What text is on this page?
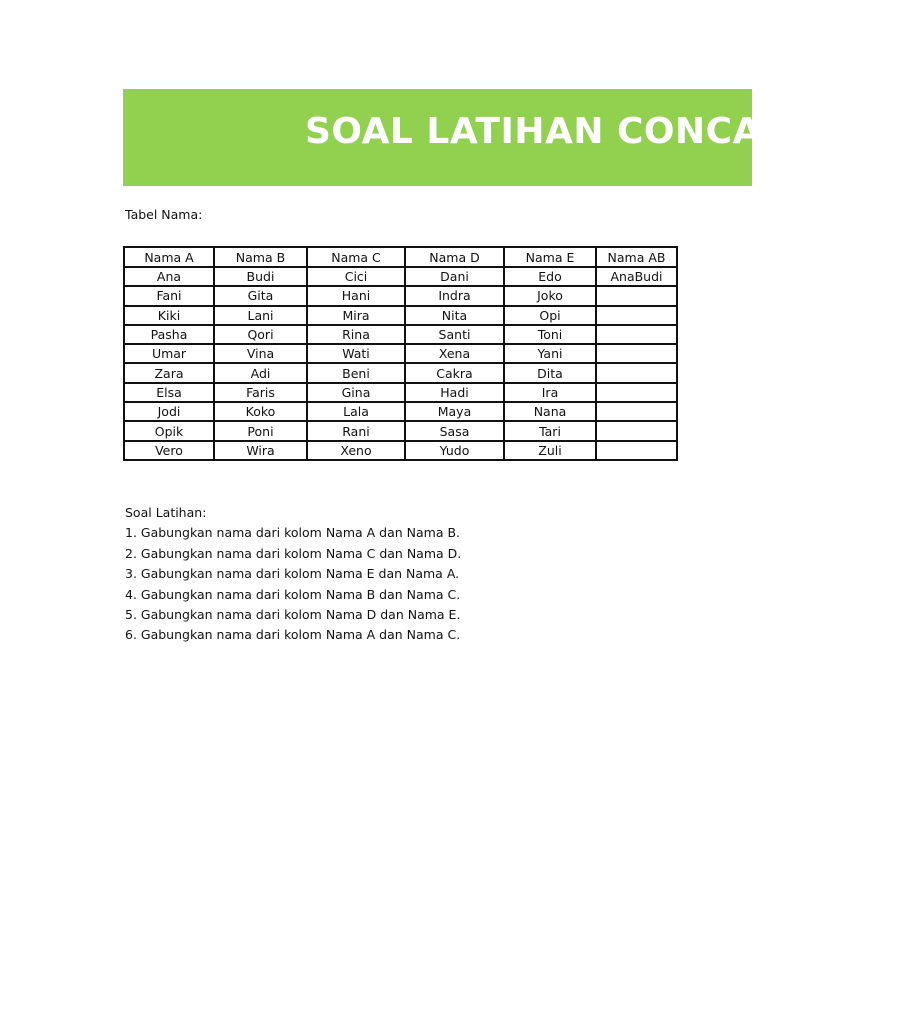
SOAL LATIHAN CONCATENATE
Tabel Nama:
Nama A	Nama B	Nama C	Nama D	Nama E	Nama AB
Ana	Budi	Cici	Dani	Edo	AnaBudi
Fani	Gita	Hani	Indra	Joko	
Kiki	Lani	Mira	Nita	Opi	
Pasha	Qori	Rina	Santi	Toni	
Umar	Vina	Wati	Xena	Yani	
Zara	Adi	Beni	Cakra	Dita	
Elsa	Faris	Gina	Hadi	Ira	
Jodi	Koko	Lala	Maya	Nana	
Opik	Poni	Rani	Sasa	Tari	
Vero	Wira	Xeno	Yudo	Zuli	
Soal Latihan:
1. Gabungkan nama dari kolom Nama A dan Nama B.
2. Gabungkan nama dari kolom Nama C dan Nama D.
3. Gabungkan nama dari kolom Nama E dan Nama A.
4. Gabungkan nama dari kolom Nama B dan Nama C.
5. Gabungkan nama dari kolom Nama D dan Nama E.
6. Gabungkan nama dari kolom Nama A dan Nama C.
